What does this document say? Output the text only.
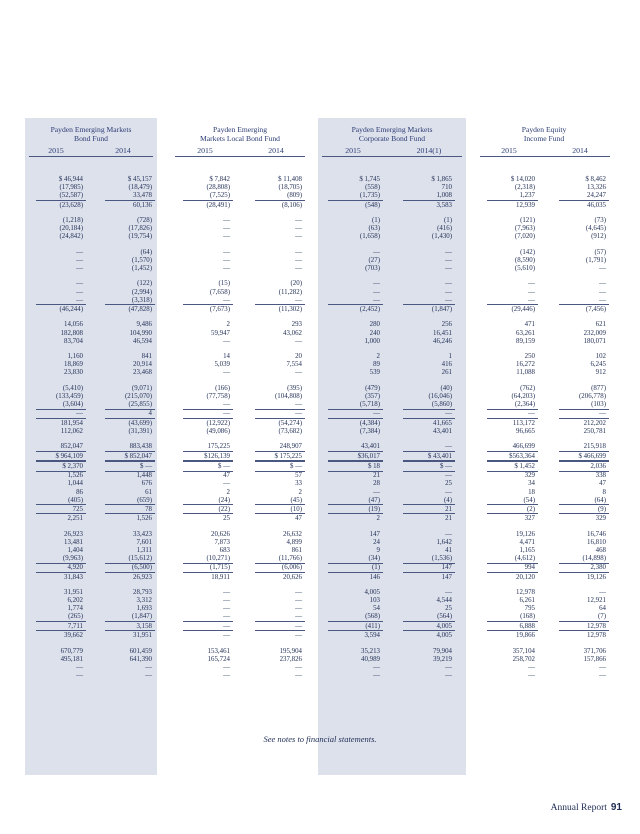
Payden Emerging Markets
Bond Fund
Payden Emerging
Markets Local Bond Fund
Payden Emerging Markets
Corporate Bond Fund
Payden Equity
Income Fund
2015	2014	2015	2014	2015	2014(1)	2015	2014
$ 46,944	$ 45,157	$ 7,842	$ 11,408	$ 1,745	$ 1,865	$ 14,020	$ 8,462
(17,985)	(18,479)	(28,808)	(18,705)	(558)	710	(2,318)	13,326
(52,587)	33,478	(7,525)	(809)	(1,735)	1,008	1,237	24,247
(23,628)	60,136	(28,491)	(8,106)	(548)	3,583	12,939	46,035
(1,218)	(728)	—	—	(1)	(1)	(121)	(73)
(20,184)	(17,826)	—	—	(63)	(416)	(7,963)	(4,645)
(24,842)	(19,754)	—	—	(1,658)	(1,430)	(7,020)	(912)
—	(64)	—	—	—	—	(142)	(57)
—	(1,570)	—	—	(27)	—	(8,590)	(1,791)
—	(1,452)	—	—	(703)	—	(5,610)	—
—	(122)	(15)	(20)	—	—	—	—
—	(2,994)	(7,658)	(11,282)	—	—	—	—
—	(3,318)	—	—	—	—	—	—
(46,244)	(47,828)	(7,673)	(11,302)	(2,452)	(1,847)	(29,446)	(7,456)
14,056	9,486	2	293	280	256	471	621
182,808	104,990	59,947	43,062	240	16,451	63,261	232,009
83,704	46,594	—	—	1,000	46,246	89,159	180,071
1,160	841	14	20	2	1	250	102
18,869	20,914	5,039	7,554	89	416	16,272	6,245
23,830	23,468	—	—	539	261	11,088	912
(5,410)	(9,071)	(166)	(395)	(479)	(40)	(762)	(877)
(133,459)	(215,070)	(77,758)	(104,808)	(357)	(16,046)	(64,203)	(206,778)
(3,604)	(25,855)	—	—	(5,718)	(5,860)	(2,364)	(103)
—	4	—	—	—	—	—	—
181,954	(43,699)	(12,922)	(54,274)	(4,384)	41,665	113,172	212,202
112,062	(31,391)	(49,086)	(73,682)	(7,384)	43,401	96,665	250,781
852,047	883,438	175,225	248,907	43,401	—	466,699	215,918
$ 964,109	$ 852,047	$126,139	$ 175,225	$36,017	$ 43,401	$563,364	$ 466,699
$ 2,370	$ —	$ —	$ —	$ 18	$ —	$ 1,452	2,036
1,526	1,448	47	57	21	—	329	338
1,044	676	—	33	28	25	34	47
86	61	2	2	—	—	18	8
(405)	(659)	(24)	(45)	(47)	(4)	(54)	(64)
725	78	(22)	(10)	(19)	21	(2)	(9)
2,251	1,526	25	47	2	21	327	329
26,923	33,423	20,626	26,632	147	—	19,126	16,746
13,481	7,601	7,873	4,899	24	1,642	4,471	16,810
1,404	1,311	683	861	9	41	1,165	468
(9,963)	(15,612)	(10,271)	(11,766)	(34)	(1,536)	(4,612)	(14,898)
4,920	(6,500)	(1,715)	(6,006)	(1)	147	994	2,380
31,843	26,923	18,911	20,626	146	147	20,120	19,126
31,951	28,793	—	—	4,005	—	12,978	—
6,202	3,312	—	—	103	4,544	6,261	12,921
1,774	1,693	—	—	54	25	795	64
(265)	(1,847)	—	—	(568)	(564)	(168)	(7)
7,711	3,158	—	—	(411)	4,005	6,888	12,978
39,662	31,951	—	—	3,594	4,005	19,866	12,978
670,779	601,459	153,461	195,904	35,213	79,904	357,104	371,706
495,181	641,390	165,724	237,826	40,989	39,219	258,702	157,866
—	—	—	—	—	—	—	—
—	—	—	—	—	—	—	—
See notes to financial statements.
Annual Report 91
